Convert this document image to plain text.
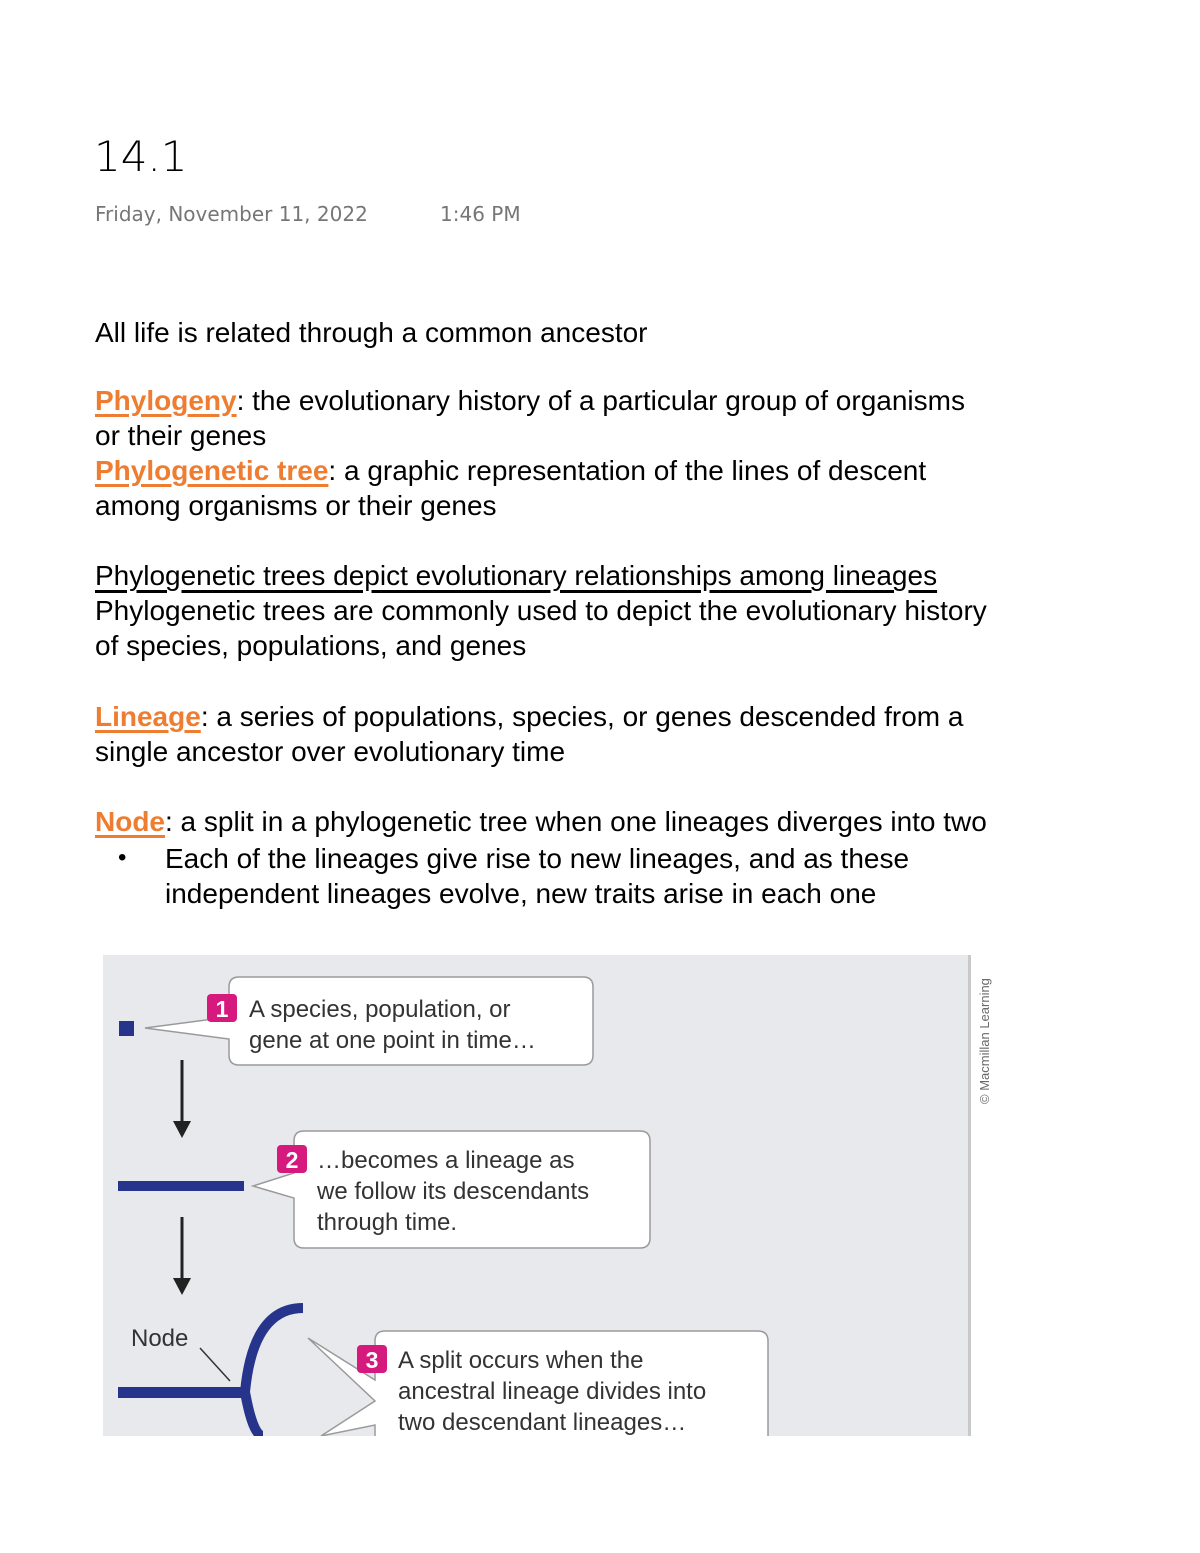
14.1
Friday, November 11, 2022	1:46 PM
All life is related through a common ancestor
Phylogeny: the evolutionary history of a particular group of organisms
or their genes
Phylogenetic tree: a graphic representation of the lines of descent
among organisms or their genes
Phylogenetic trees depict evolutionary relationships among lineages
Phylogenetic trees are commonly used to depict the evolutionary history
of species, populations, and genes
Lineage: a series of populations, species, or genes descended from a
single ancestor over evolutionary time
Node: a split in a phylogenetic tree when one lineages diverges into two
• Each of the lineages give rise to new lineages, and as these
independent lineages evolve, new traits arise in each one
1 A species, population, or
gene at one point in time…
2 …becomes a lineage as
we follow its descendants
through time.
Node
3 A split occurs when the
ancestral lineage divides into
two descendant lineages…
© Macmillan Learning
